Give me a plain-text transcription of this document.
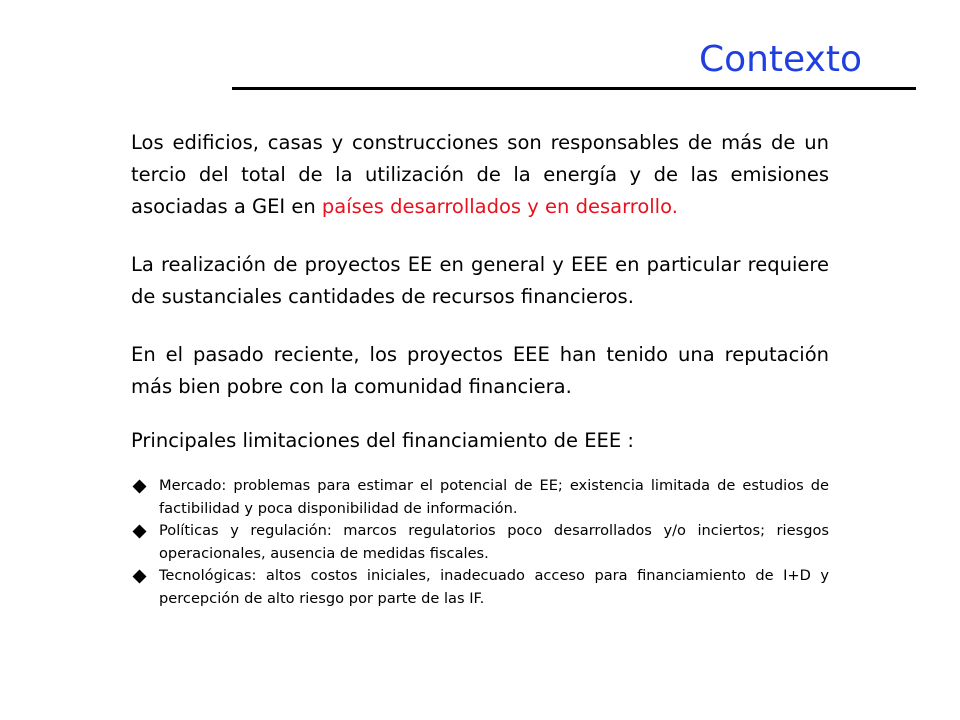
Contexto

Los edificios, casas y construcciones son responsables de más de un tercio del total de la utilización de la energía y de las emisiones asociadas a GEI en países desarrollados y en desarrollo.

La realización de proyectos EE en general y EEE en particular requiere de sustanciales cantidades de recursos financieros.

En el pasado reciente, los proyectos EEE han tenido una reputación más bien pobre con la comunidad financiera.

Principales limitaciones del financiamiento de EEE :
Mercado: problemas para estimar el potencial de EE; existencia limitada de estudios de factibilidad y poca disponibilidad de información.
Políticas y regulación: marcos regulatorios poco desarrollados y/o inciertos; riesgos operacionales, ausencia de medidas fiscales.
Tecnológicas: altos costos iniciales, inadecuado acceso para financiamiento de I+D y percepción de alto riesgo por parte de las IF.
